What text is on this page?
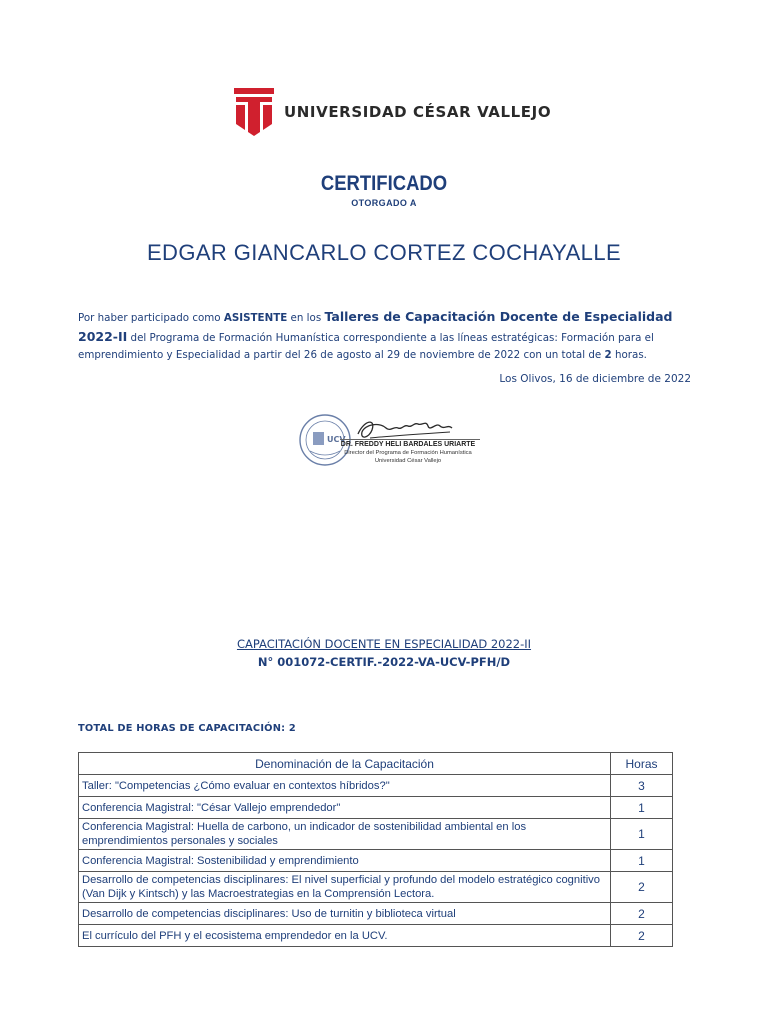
UNIVERSIDAD CÉSAR VALLEJO
CERTIFICADO
OTORGADO A
EDGAR GIANCARLO CORTEZ COCHAYALLE
Por haber participado como ASISTENTE en los Talleres de Capacitación Docente de Especialidad 2022-II del Programa de Formación Humanística correspondiente a las líneas estratégicas: Formación para el emprendimiento y Especialidad a partir del 26 de agosto al 29 de noviembre de 2022 con un total de 2 horas.
Los Olivos, 16 de diciembre de 2022
UCV
DR. FREDDY HELI BARDALES URIARTE
Director del Programa de Formación Humanística
Universidad César Vallejo
CAPACITACIÓN DOCENTE EN ESPECIALIDAD 2022-II
N° 001072-CERTIF.-2022-VA-UCV-PFH/D
TOTAL DE HORAS DE CAPACITACIÓN: 2
Denominación de la Capacitación	Horas
Taller: "Competencias ¿Cómo evaluar en contextos híbridos?"	3
Conferencia Magistral: "César Vallejo emprendedor"	1
Conferencia Magistral: Huella de carbono, un indicador de sostenibilidad ambiental en los emprendimientos personales y sociales	1
Conferencia Magistral: Sostenibilidad y emprendimiento	1
Desarrollo de competencias disciplinares: El nivel superficial y profundo del modelo estratégico cognitivo (Van Dijk y Kintsch) y las Macroestrategias en la Comprensión Lectora.	2
Desarrollo de competencias disciplinares: Uso de turnitin y biblioteca virtual	2
El currículo del PFH y el ecosistema emprendedor en la UCV.	2
